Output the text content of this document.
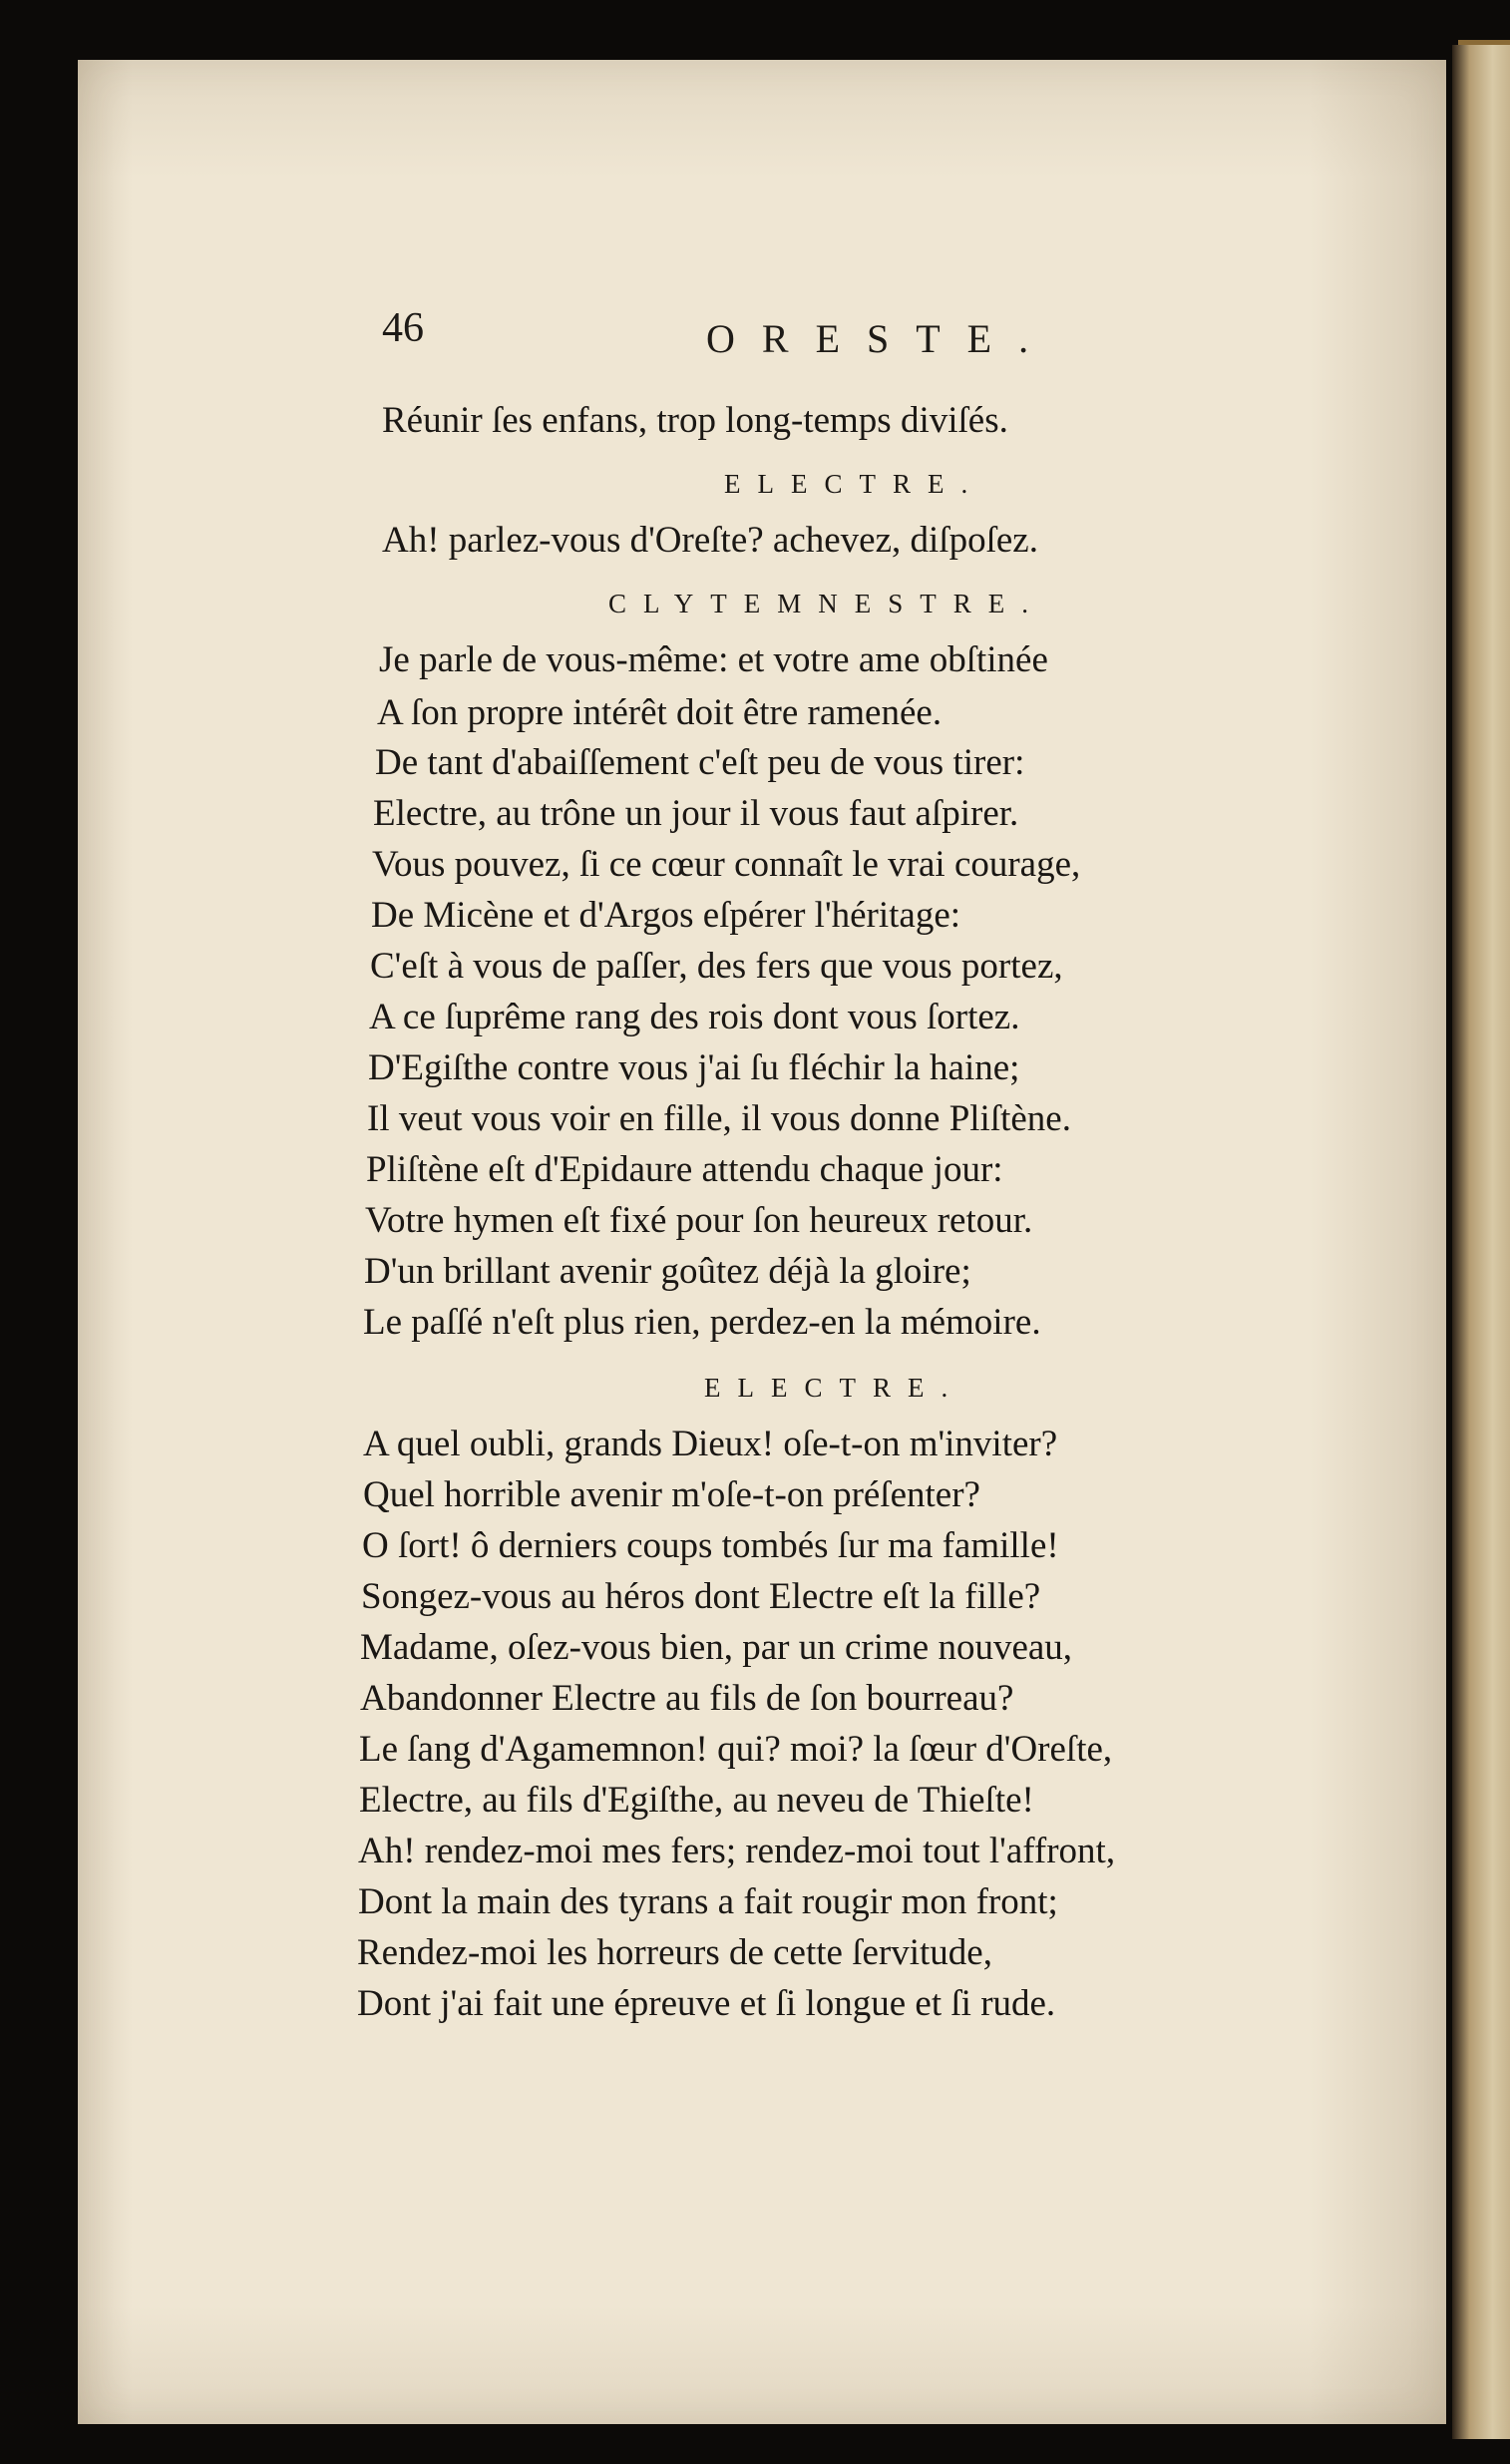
46	ORESTE.
Réunir ſes enfans, trop long-temps diviſés.
ELECTRE.
Ah! parlez-vous d'Oreſte? achevez, diſpoſez.
CLYTEMNESTRE.
Je parle de vous-même: et votre ame obſtinée
A ſon propre intérêt doit être ramenée.
De tant d'abaiſſement c'eſt peu de vous tirer:
Electre, au trône un jour il vous faut aſpirer.
Vous pouvez, ſi ce cœur connaît le vrai courage,
De Micène et d'Argos eſpérer l'héritage:
C'eſt à vous de paſſer, des fers que vous portez,
A ce ſuprême rang des rois dont vous ſortez.
D'Egiſthe contre vous j'ai ſu fléchir la haine;
Il veut vous voir en fille, il vous donne Pliſtène.
Pliſtène eſt d'Epidaure attendu chaque jour:
Votre hymen eſt fixé pour ſon heureux retour.
D'un brillant avenir goûtez déjà la gloire;
Le paſſé n'eſt plus rien, perdez-en la mémoire.
ELECTRE.
A quel oubli, grands Dieux! oſe-t-on m'inviter?
Quel horrible avenir m'oſe-t-on préſenter?
O ſort! ô derniers coups tombés ſur ma famille!
Songez-vous au héros dont Electre eſt la fille?
Madame, oſez-vous bien, par un crime nouveau,
Abandonner Electre au fils de ſon bourreau?
Le ſang d'Agamemnon! qui? moi? la ſœur d'Oreſte,
Electre, au fils d'Egiſthe, au neveu de Thieſte!
Ah! rendez-moi mes fers; rendez-moi tout l'affront,
Dont la main des tyrans a fait rougir mon front;
Rendez-moi les horreurs de cette ſervitude,
Dont j'ai fait une épreuve et ſi longue et ſi rude.
